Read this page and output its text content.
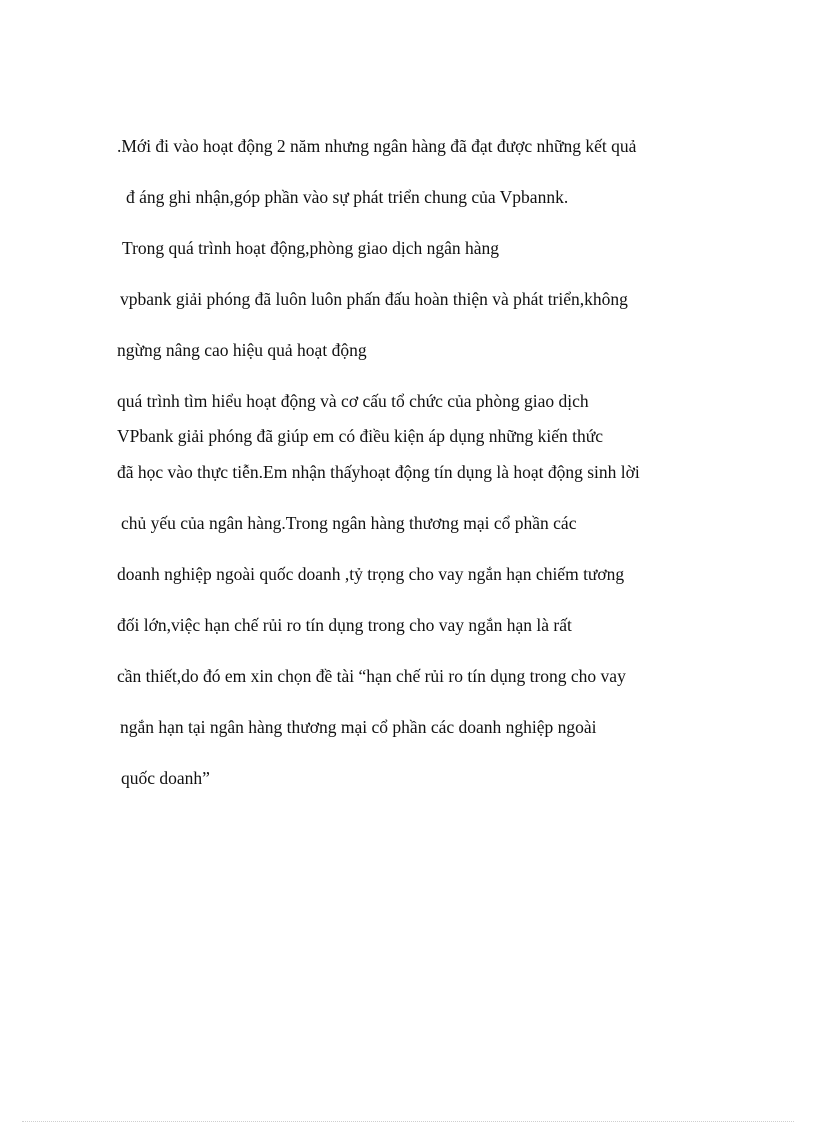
.Mới đi vào hoạt động 2 năm nhưng ngân hàng đã đạt được những kết quả
đ áng ghi nhận,góp phần vào sự phát triển chung của Vpbannk.
Trong quá trình hoạt động,phòng giao dịch ngân hàng
vpbank giải phóng đã luôn luôn phấn đấu hoàn thiện và phát triển,không
ngừng nâng cao hiệu quả hoạt động
quá trình tìm hiểu hoạt động và cơ cấu tổ chức của phòng giao dịch
VPbank giải phóng đã giúp em có điều kiện áp dụng những kiến thức
đã học vào thực tiễn.Em nhận thấyhoạt động tín dụng là hoạt động sinh lời
chủ yếu của ngân hàng.Trong ngân hàng thương mại cổ phần các
doanh nghiệp ngoài quốc doanh ,tỷ trọng cho vay ngắn hạn chiếm tương
đối lớn,việc hạn chế rủi ro tín dụng trong cho vay ngắn hạn là rất
cần thiết,do đó em xin chọn đề tài “hạn chế rủi ro tín dụng trong cho vay
ngắn hạn tại ngân hàng thương mại cổ phần các doanh nghiệp ngoài
quốc doanh”
